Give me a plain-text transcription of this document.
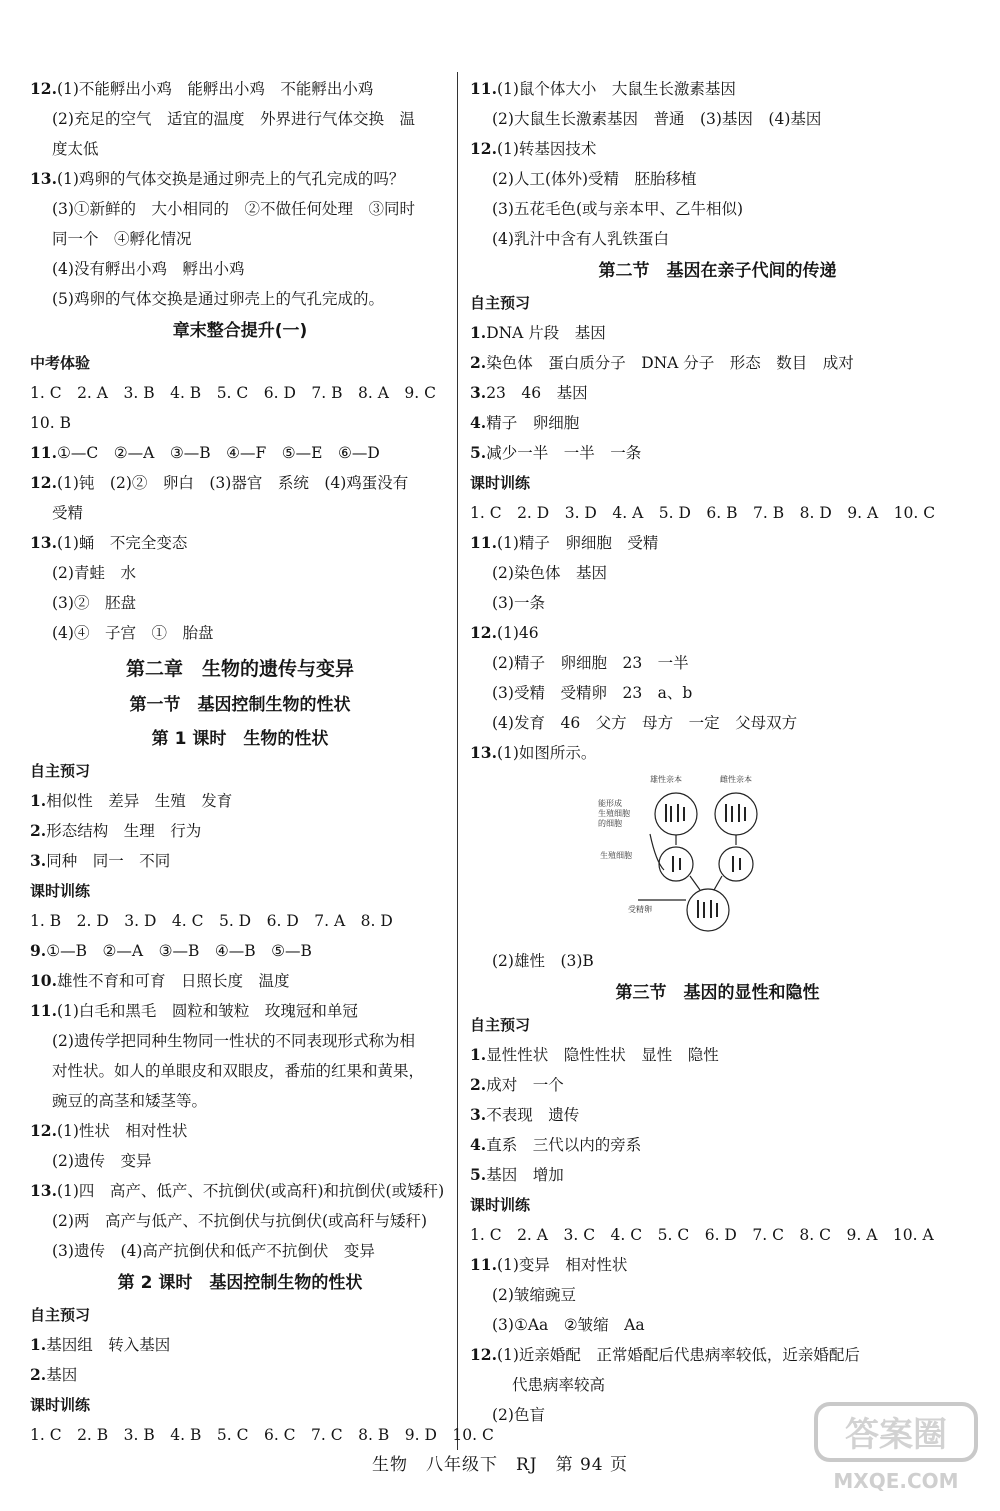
12.(1)不能孵出小鸡　能孵出小鸡　不能孵出小鸡
(2)充足的空气　适宜的温度　外界进行气体交换　温
度太低
13.(1)鸡卵的气体交换是通过卵壳上的气孔完成的吗？
(3)①新鲜的　大小相同的　②不做任何处理　③同时
同一个　④孵化情况
(4)没有孵出小鸡　孵出小鸡
(5)鸡卵的气体交换是通过卵壳上的气孔完成的。
章末整合提升(一)
中考体验
1. C　2. A　3. B　4. B　5. C　6. D　7. B　8. A　9. C
10. B
11.①—C　②—A　③—B　④—F　⑤—E　⑥—D
12.(1)钝　(2)②　卵白　(3)器官　系统　(4)鸡蛋没有
受精
13.(1)蛹　不完全变态
(2)青蛙　水
(3)②　胚盘
(4)④　子宫　①　胎盘
第二章　生物的遗传与变异
第一节　基因控制生物的性状
第 1 课时　生物的性状
自主预习
1.相似性　差异　生殖　发育
2.形态结构　生理　行为
3.同种　同一　不同
课时训练
1. B　2. D　3. D　4. C　5. D　6. D　7. A　8. D
9.①—B　②—A　③—B　④—B　⑤—B
10.雄性不育和可育　日照长度　温度
11.(1)白毛和黑毛　圆粒和皱粒　玫瑰冠和单冠
(2)遗传学把同种生物同一性状的不同表现形式称为相
对性状。如人的单眼皮和双眼皮，番茄的红果和黄果，
豌豆的高茎和矮茎等。
12.(1)性状　相对性状
(2)遗传　变异
13.(1)四　高产、低产、不抗倒伏(或高秆)和抗倒伏(或矮秆)
(2)两　高产与低产、不抗倒伏与抗倒伏(或高秆与矮秆)
(3)遗传　(4)高产抗倒伏和低产不抗倒伏　变异
第 2 课时　基因控制生物的性状
自主预习
1.基因组　转入基因
2.基因
课时训练
1. C　2. B　3. B　4. B　5. C　6. C　7. C　8. B　9. D　10. C
11.(1)鼠个体大小　大鼠生长激素基因
(2)大鼠生长激素基因　普通　(3)基因　(4)基因
12.(1)转基因技术
(2)人工(体外)受精　胚胎移植
(3)五花毛色(或与亲本甲、乙牛相似)
(4)乳汁中含有人乳铁蛋白
第二节　基因在亲子代间的传递
自主预习
1.DNA 片段　基因
2.染色体　蛋白质分子　DNA 分子　形态　数目　成对
3.23　46　基因
4.精子　卵细胞
5.减少一半　一半　一条
课时训练
1. C　2. D　3. D　4. A　5. D　6. B　7. B　8. D　9. A　10. C
11.(1)精子　卵细胞　受精
(2)染色体　基因
(3)一条
12.(1)46
(2)精子　卵细胞　23　一半
(3)受精　受精卵　23　a、b
(4)发育　46　父方　母方　一定　父母双方
13.(1)如图所示。
雄性亲本	雌性亲本
能形成
生殖细胞
的细胞
生殖细胞
受精卵
(2)雄性　(3)B
第三节　基因的显性和隐性
自主预习
1.显性性状　隐性性状　显性　隐性
2.成对　一个
3.不表现　遗传
4.直系　三代以内的旁系
5.基因　增加
课时训练
1. C　2. A　3. C　4. C　5. C　6. D　7. C　8. C　9. A　10. A
11.(1)变异　相对性状
(2)皱缩豌豆
(3)①Aa　②皱缩　Aa
12.(1)近亲婚配　正常婚配后代患病率较低，近亲婚配后
代患病率较高
(2)色盲	答案圈
MXQE.COM
生物　八年级下　RJ　第 94 页
